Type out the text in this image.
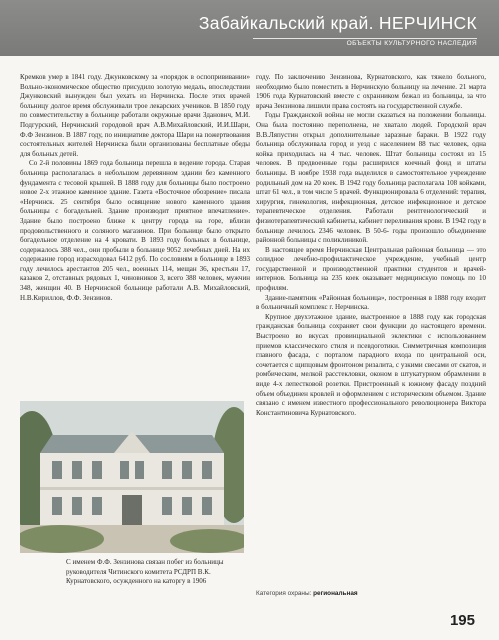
Забайкальский край. НЕРЧИНСК
ОБЪЕКТЫ КУЛЬТУРНОГО НАСЛЕДИЯ

Кремков умер в 1841 году. Джунковскому за «порядок в оспопрививании» Вольно-экономическое общество присудило золотую медаль, впоследствии Джунковский вынужден был уехать из Нерчинска. После этих врачей больницу долгое время обслуживали трое лекарских учеников. В 1850 году по совместительству в больнице работали окружные врачи Здановнч, М.И. Подгурский, Нерчинский городовой врач А.В.Михайловский, И.И.Шари, Ф.Ф Зензинов. В 1887 году, по инициативе доктора Шари на пожертвования состоятельных жителей Нерчинска были организованы бесплатные обеды для больных детей.

Со 2-й половины 1869 года больница перешла в ведение города. Старая больница располагалась в небольшом деревянном здании без каменного фундамента с тесовой крышей. В 1888 году для больницы было построено новое 2-х этажное каменное здание. Газета «Восточное обозрение» писала «Нерчинск. 25 сентября было освящение нового каменного здания больницы с богадельней. Здание производит приятное впечатление». Здание было построено ближе к центру города на горе, вблизи продовольственного и соляного магазинов. При больнице было открыто богадельное отделение на 4 кровати. В 1893 году больных в больнице, содержалось 388 чел., они пробыли в больнице 9052 лечебных дней. На их содержание город израсходовал 6412 руб. По сословиям в больнице в 1893 году лечилось арестантов 205 чел., военных 114, мещан 36, крестьян 17, казаков 2, отставных рядовых 1, чиновников 3, всего 388 человек, мужчин 348, женщин 40. В Нерчинской больнице работали А.В. Михайловский, Н.В.Кириллов, Ф.Ф. Зензинов.

С именем Ф.Ф. Зензинова связан побег из больницы руководителя Читинского комитета РСДРП В.К. Курнатовского, осужденного на каторгу в 1906

году. По заключению Зензинова, Курнатовского, как тяжело больного, необходимо было поместить в Нерчинскую больницу на лечение. 21 марта 1906 года Курнатовский вместе с охранником бежал из больницы, за что врача Зензинова лишили права состоять на государственной службе.

Годы Гражданской войны не могли сказаться на положении больницы. Она была постоянно переполнена, не хватало людей. Городской врач В.В.Ляпустин открыл дополнительные заразные бараки. В 1922 году больница обслуживала город и уезд с населением 88 тыс человек, одна койка приходилась на 4 тыс. человек. Штат больницы состоял из 15 человек. В предвоенные годы расширился коечный фонд и штаты больницы. В ноябре 1938 года выделился в самостоятельное учреждение родильный дом на 20 коек. В 1942 году больница располагала 108 койками, штат 61 чел., в том числе 5 врачей. Функционировала 6 отделений: терапия, хирургия, гинекология, инфекционная, детское инфекционное и детское терапевтическое отделения. Работали рентгенологический и физиотерапевтический кабинеты, кабинет переливания крови. В 1942 году в больнице лечилось 2346 человек. В 50-6- годы произошло объединение районной больницы с поликлиникой.

В настоящее время Нерчинская Центральная районная больница — это солидное лечебно-профилактическое учреждение, учебный центр государственной и производственной практики студентов и врачей-интернов. Больница на 235 коек оказывает медицинскую помощь по 10 профилям.

Здание-памятник «Районная больница», построенная в 1888 году входит в больничный комплекс г. Нерчинска.

Крупное двухэтажное здание, выстроенное в 1888 году как городская гражданская больница сохраняет свои функции до настоящего времени. Выстроено во вкусах провинциальной эклектики с использованием приемов классического стиля и псевдоготики. Симметричная композиция главного фасада, с порталом парадного входа по центральной оси, сочетается с щипцовым фронтоном ризалита, с узкими свесами от скатов, и ромбическим, мелкой расстекловки, оконом в штукатурном обрамлении в виде 4-х лепестковой розетки. Пристроенный к южному фасаду поздний объем объединен кровлей и оформлением с историческим объемом. Здание связано с именем известного профессионального революционера Виктора Константиновича Курнатовского.

Категория охраны: региональная
195
